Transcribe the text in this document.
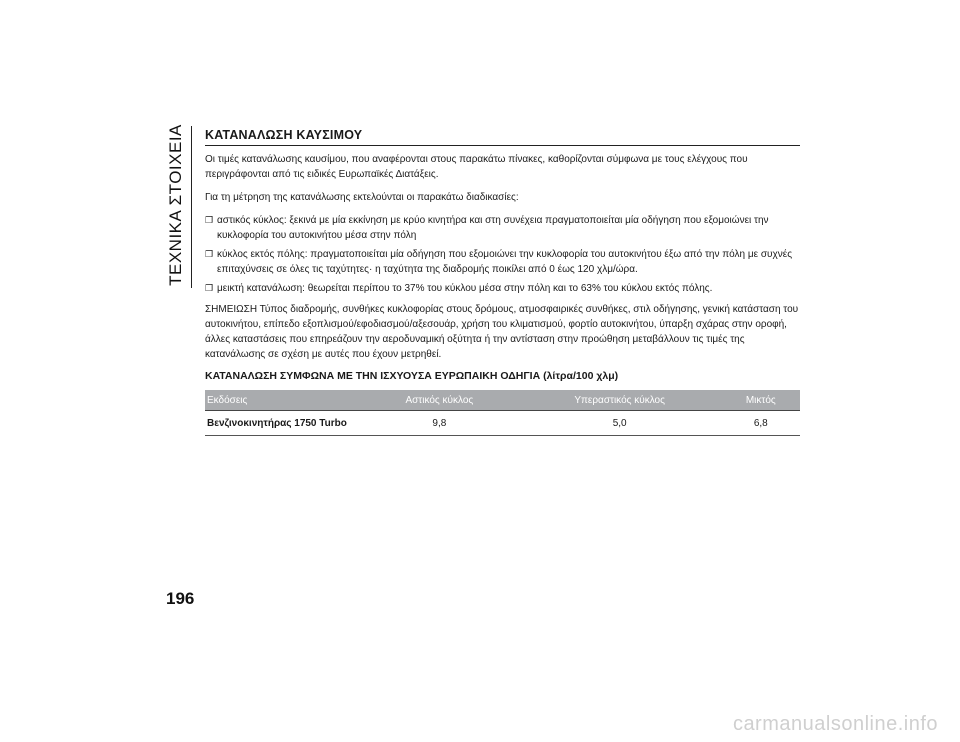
ΤΕΧΝΙΚΑ ΣΤΟΙΧΕΙΑ
196
ΚΑΤΑΝΑΛΩΣΗ ΚΑΥΣΙΜΟΥ

Οι τιμές κατανάλωσης καυσίμου, που αναφέρονται στους παρακάτω πίνακες, καθορίζονται σύμφωνα με τους ελέγχους που περιγράφονται από τις ειδικές Ευρωπαϊκές Διατάξεις.

Για τη μέτρηση της κατανάλωσης εκτελούνται οι παρακάτω διαδικασίες:

❒ αστικός κύκλος: ξεκινά με μία εκκίνηση με κρύο κινητήρα και στη συνέχεια πραγματοποιείται μία οδήγηση που εξομοιώνει την κυκλοφορία του αυτοκινήτου μέσα στην πόλη
❒ κύκλος εκτός πόλης: πραγματοποιείται μία οδήγηση που εξομοιώνει την κυκλοφορία του αυτοκινήτου έξω από την πόλη με συχνές επιταχύνσεις σε όλες τις ταχύτητες· η ταχύτητα της διαδρομής ποικίλει από 0 έως 120 χλμ/ώρα.
❒ μεικτή κατανάλωση: θεωρείται περίπου το 37% του κύκλου μέσα στην πόλη και το 63% του κύκλου εκτός πόλης.

ΣΗΜΕΙΩΣΗ Τύπος διαδρομής, συνθήκες κυκλοφορίας στους δρόμους, ατμοσφαιρικές συνθήκες, στιλ οδήγησης, γενική κατάσταση του αυτοκινήτου, επίπεδο εξοπλισμού/εφοδιασμού/αξεσουάρ, χρήση του κλιματισμού, φορτίο αυτοκινήτου, ύπαρξη σχάρας στην οροφή, άλλες καταστάσεις που επηρεάζουν την αεροδυναμική οξύτητα ή την αντίσταση στην προώθηση μεταβάλλουν τις τιμές της κατανάλωσης σε σχέση με αυτές που έχουν μετρηθεί.

ΚΑΤΑΝΑΛΩΣΗ ΣΥΜΦΩΝΑ ΜΕ ΤΗΝ ΙΣΧΥΟΥΣΑ ΕΥΡΩΠΑΙΚΗ ΟΔΗΓΙΑ (λίτρα/100 χλμ)
Εκδόσεις	Αστικός κύκλος	Υπεραστικός κύκλος	Μικτός
Βενζινοκινητήρας 1750 Turbo	9,8	5,0	6,8
carmanualsonline.info
